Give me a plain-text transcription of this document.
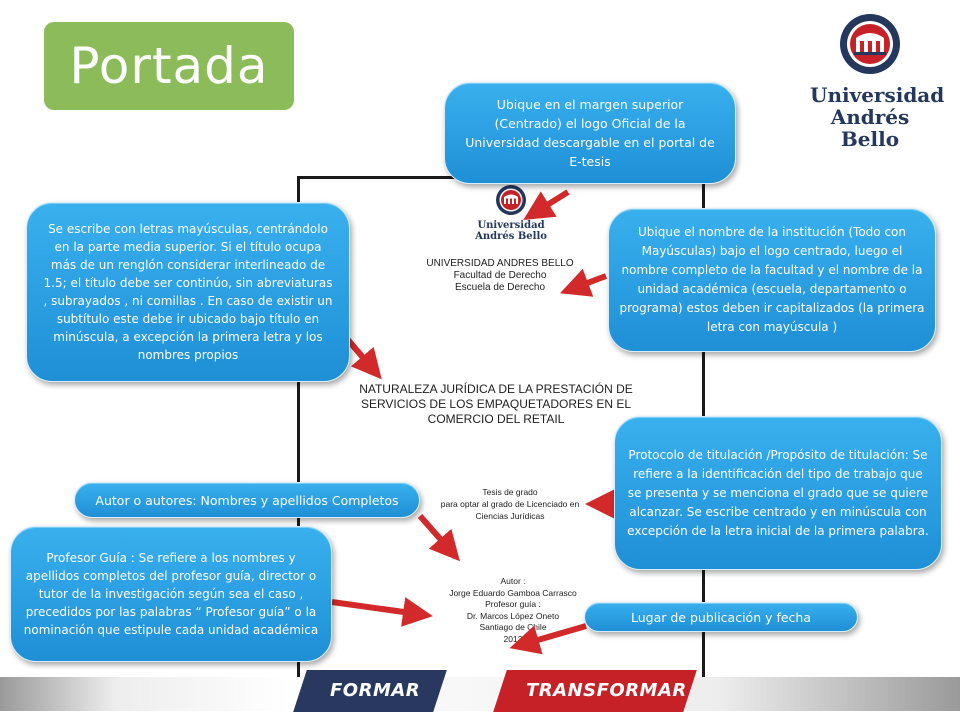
Portada	Universidad
Andrés Bello
Universidad
Andrés Bello
UNIVERSIDAD ANDRES BELLO
Facultad de Derecho
Escuela de Derecho
NATURALEZA JURÍDICA DE LA PRESTACIÓN DE
SERVICIOS DE LOS EMPAQUETADORES EN EL
COMERCIO DEL RETAIL
Tesis de grado
para optar al grado de Licenciado en
Ciencias Jurídicas
Autor :
Jorge Eduardo Gamboa Carrasco
Profesor guía :
Dr. Marcos López Oneto
Santiago de Chile
2013
Ubique en el margen superior (Centrado) el logo Oficial de la Universidad descargable en el portal de E-tesis
Se escribe con letras mayúsculas, centrándolo en la parte media superior. Si el título ocupa más de un renglón considerar interlineado de 1.5; el título debe ser continúo, sin abreviaturas , subrayados , ni comillas . En caso de existir un subtítulo este debe ir ubicado bajo título en minúscula, a excepción la primera letra y los nombres propios
Ubique el nombre de la institución (Todo con Mayúsculas) bajo el logo centrado, luego el nombre completo de la facultad y el nombre de la unidad académica (escuela, departamento o programa) estos deben ir capitalizados (la primera letra con mayúscula )
Protocolo de titulación /Propósito de titulación: Se refiere a la identificación del tipo de trabajo que se presenta y se menciona el grado que se quiere alcanzar. Se escribe centrado y en minúscula con excepción de la letra inicial de la primera palabra.
Autor o autores: Nombres y apellidos Completos
Profesor Guía : Se refiere a los nombres y apellidos completos del profesor guía, director o tutor de la investigación según sea el caso , precedidos por las palabras “ Profesor guía” o la nominación que estipule cada unidad académica
Lugar de publicación y fecha
FORMAR	TRANSFORMAR
